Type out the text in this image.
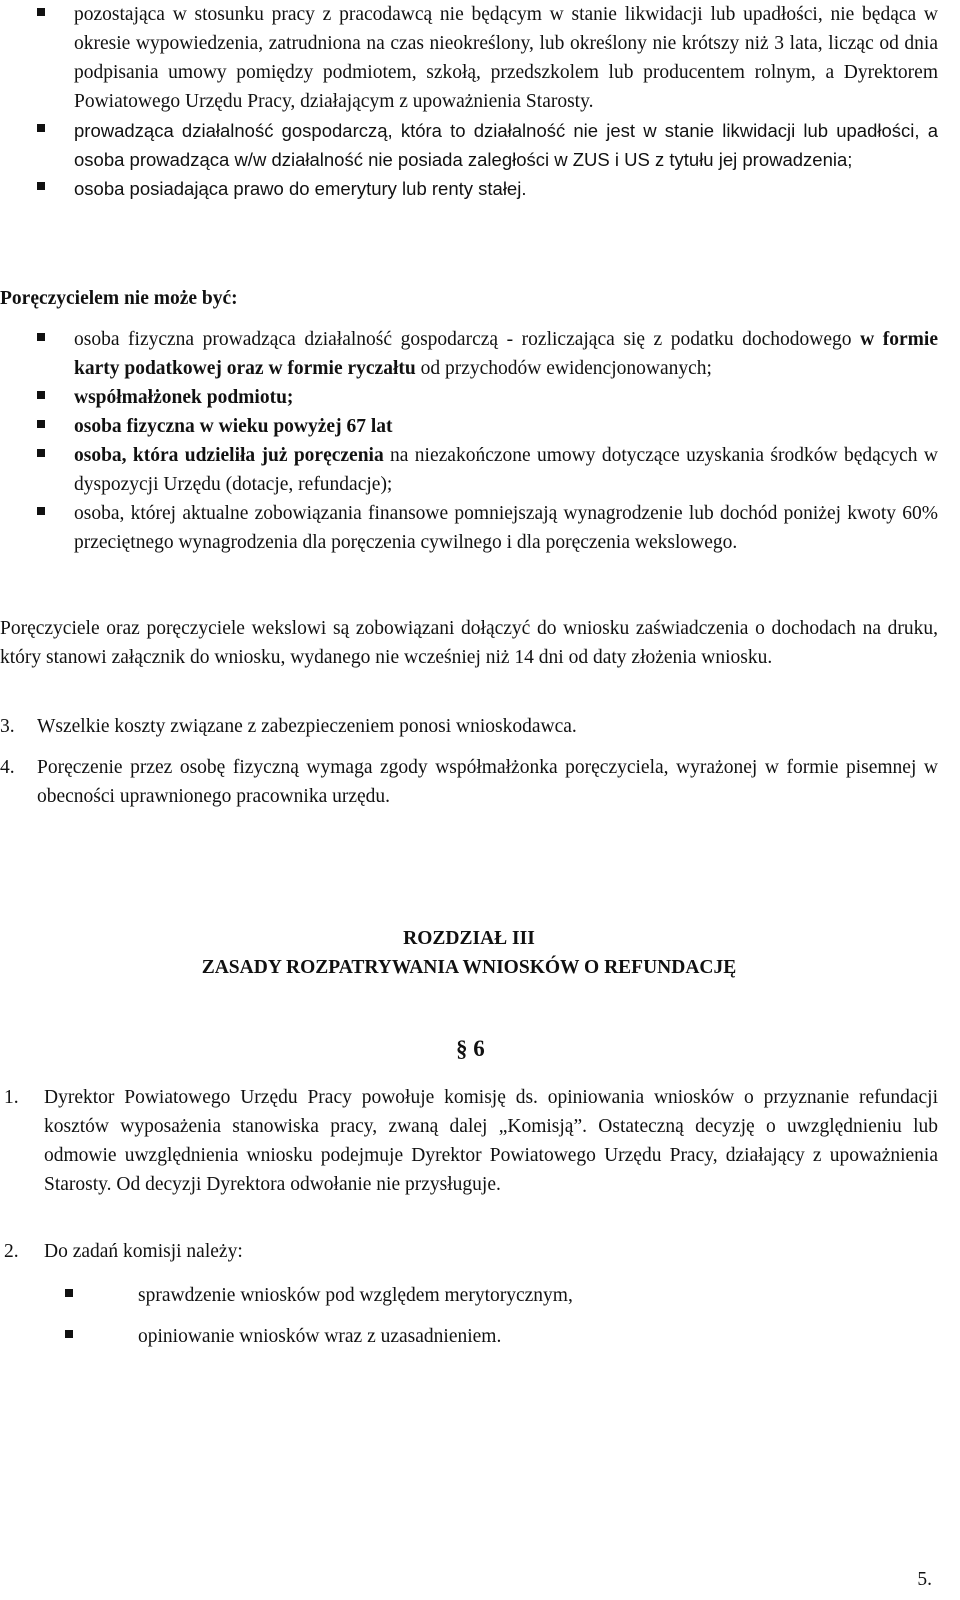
pozostająca w stosunku pracy z pracodawcą nie będącym w stanie likwidacji lub upadłości, nie będąca w okresie wypowiedzenia, zatrudniona na czas nieokreślony, lub określony nie krótszy niż 3 lata, licząc od dnia podpisania umowy pomiędzy podmiotem, szkołą, przedszkolem lub producentem rolnym, a Dyrektorem Powiatowego Urzędu Pracy, działającym z upoważnienia Starosty.
prowadząca działalność gospodarczą, która to działalność nie jest w stanie likwidacji lub upadłości, a osoba prowadząca w/w działalność nie posiada zaległości w ZUS i US z tytułu jej prowadzenia;
osoba posiadająca prawo do emerytury lub renty stałej.
Poręczycielem nie może być:
osoba fizyczna prowadząca działalność gospodarczą - rozliczająca się z podatku dochodowego w formie karty podatkowej oraz w formie ryczałtu od przychodów ewidencjonowanych;
współmałżonek podmiotu;
osoba fizyczna w wieku powyżej 67 lat
osoba, która udzieliła już poręczenia na niezakończone umowy dotyczące uzyskania środków będących w dyspozycji Urzędu (dotacje, refundacje);
osoba, której aktualne zobowiązania finansowe pomniejszają wynagrodzenie lub dochód poniżej kwoty 60% przeciętnego wynagrodzenia dla poręczenia cywilnego i dla poręczenia wekslowego.
Poręczyciele oraz poręczyciele wekslowi są zobowiązani dołączyć do wniosku zaświadczenia o dochodach na druku, który stanowi załącznik do wniosku, wydanego nie wcześniej niż 14 dni od daty złożenia wniosku.
3. Wszelkie koszty związane z zabezpieczeniem ponosi wnioskodawca.
4. Poręczenie przez osobę fizyczną wymaga zgody współmałżonka poręczyciela, wyrażonej w formie pisemnej w obecności uprawnionego pracownika urzędu.
ROZDZIAŁ III
ZASADY ROZPATRYWANIA WNIOSKÓW O REFUNDACJĘ
§ 6
1. Dyrektor Powiatowego Urzędu Pracy powołuje komisję ds. opiniowania wniosków o przyznanie refundacji kosztów wyposażenia stanowiska pracy, zwaną dalej „Komisją”. Ostateczną decyzję o uwzględnieniu lub odmowie uwzględnienia wniosku podejmuje Dyrektor Powiatowego Urzędu Pracy, działający z upoważnienia Starosty. Od decyzji Dyrektora odwołanie nie przysługuje.
2. Do zadań komisji należy:
sprawdzenie wniosków pod względem merytorycznym,
opiniowanie wniosków wraz z uzasadnieniem.
5.
